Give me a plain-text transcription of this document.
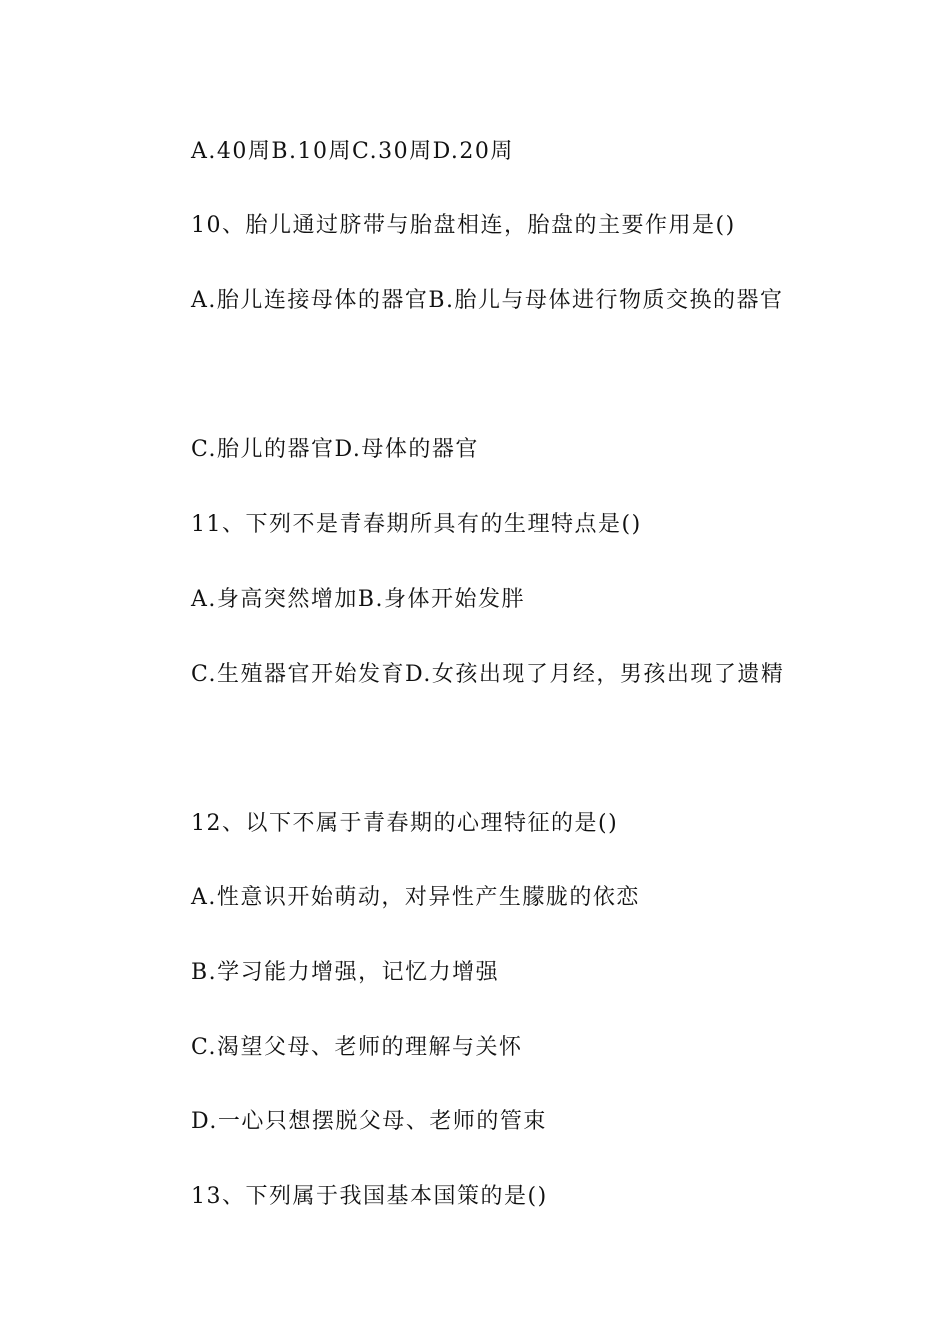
A.40周B.10周C.30周D.20周
10、胎儿通过脐带与胎盘相连，胎盘的主要作用是()
A.胎儿连接母体的器官B.胎儿与母体进行物质交换的器官
C.胎儿的器官D.母体的器官
11、下列不是青春期所具有的生理特点是()
A.身高突然增加B.身体开始发胖
C.生殖器官开始发育D.女孩出现了月经，男孩出现了遗精
12、以下不属于青春期的心理特征的是()
A.性意识开始萌动，对异性产生朦胧的依恋
B.学习能力增强，记忆力增强
C.渴望父母、老师的理解与关怀
D.一心只想摆脱父母、老师的管束
13、下列属于我国基本国策的是()
